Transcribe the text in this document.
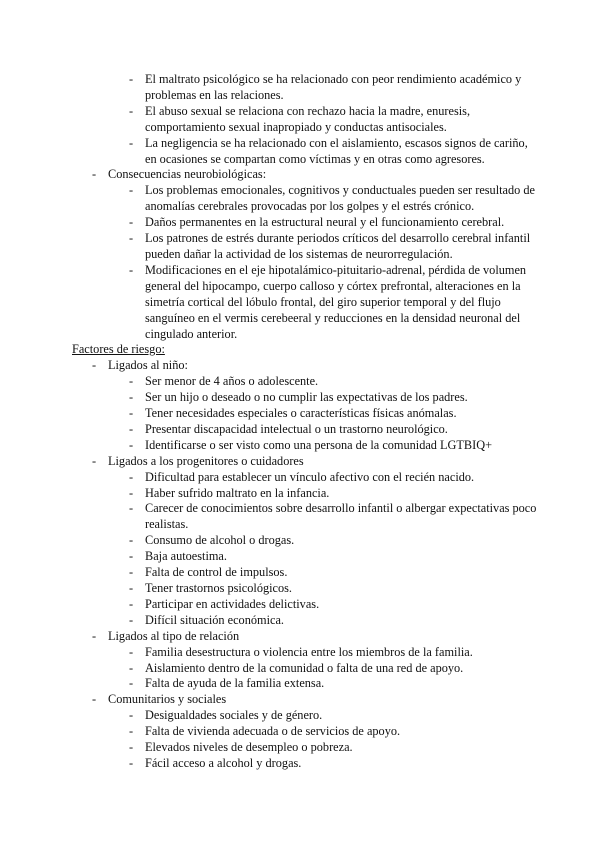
- El maltrato psicológico se ha relacionado con peor rendimiento académico y problemas en las relaciones.
- El abuso sexual se relaciona con rechazo hacia la madre, enuresis, comportamiento sexual inapropiado y conductas antisociales.
- La negligencia se ha relacionado con el aislamiento, escasos signos de cariño, en ocasiones se compartan como víctimas y en otras como agresores.
- Consecuencias neurobiológicas:
- Los problemas emocionales, cognitivos y conductuales pueden ser resultado de anomalías cerebrales provocadas por los golpes y el estrés crónico.
- Daños permanentes en la estructural neural y el funcionamiento cerebral.
- Los patrones de estrés durante periodos críticos del desarrollo cerebral infantil pueden dañar la actividad de los sistemas de neurorregulación.
- Modificaciones en el eje hipotalámico-pituitario-adrenal, pérdida de volumen general del hipocampo, cuerpo calloso y córtex prefrontal, alteraciones en la simetría cortical del lóbulo frontal, del giro superior temporal y del flujo sanguíneo en el vermis cerebeeral y reducciones en la densidad neuronal del cingulado anterior.
Factores de riesgo:
- Ligados al niño:
- Ser menor de 4 años o adolescente.
- Ser un hijo o deseado o no cumplir las expectativas de los padres.
- Tener necesidades especiales o características físicas anómalas.
- Presentar discapacidad intelectual o un trastorno neurológico.
- Identificarse o ser visto como una persona de la comunidad LGTBIQ+
- Ligados a los progenitores o cuidadores
- Dificultad para establecer un vínculo afectivo con el recién nacido.
- Haber sufrido maltrato en la infancia.
- Carecer de conocimientos sobre desarrollo infantil o albergar expectativas poco realistas.
- Consumo de alcohol o drogas.
- Baja autoestima.
- Falta de control de impulsos.
- Tener trastornos psicológicos.
- Participar en actividades delictivas.
- Difícil situación económica.
- Ligados al tipo de relación
- Familia desestructura o violencia entre los miembros de la familia.
- Aislamiento dentro de la comunidad o falta de una red de apoyo.
- Falta de ayuda de la familia extensa.
- Comunitarios y sociales
- Desigualdades sociales y de género.
- Falta de vivienda adecuada o de servicios de apoyo.
- Elevados niveles de desempleo o pobreza.
- Fácil acceso a alcohol y drogas.
